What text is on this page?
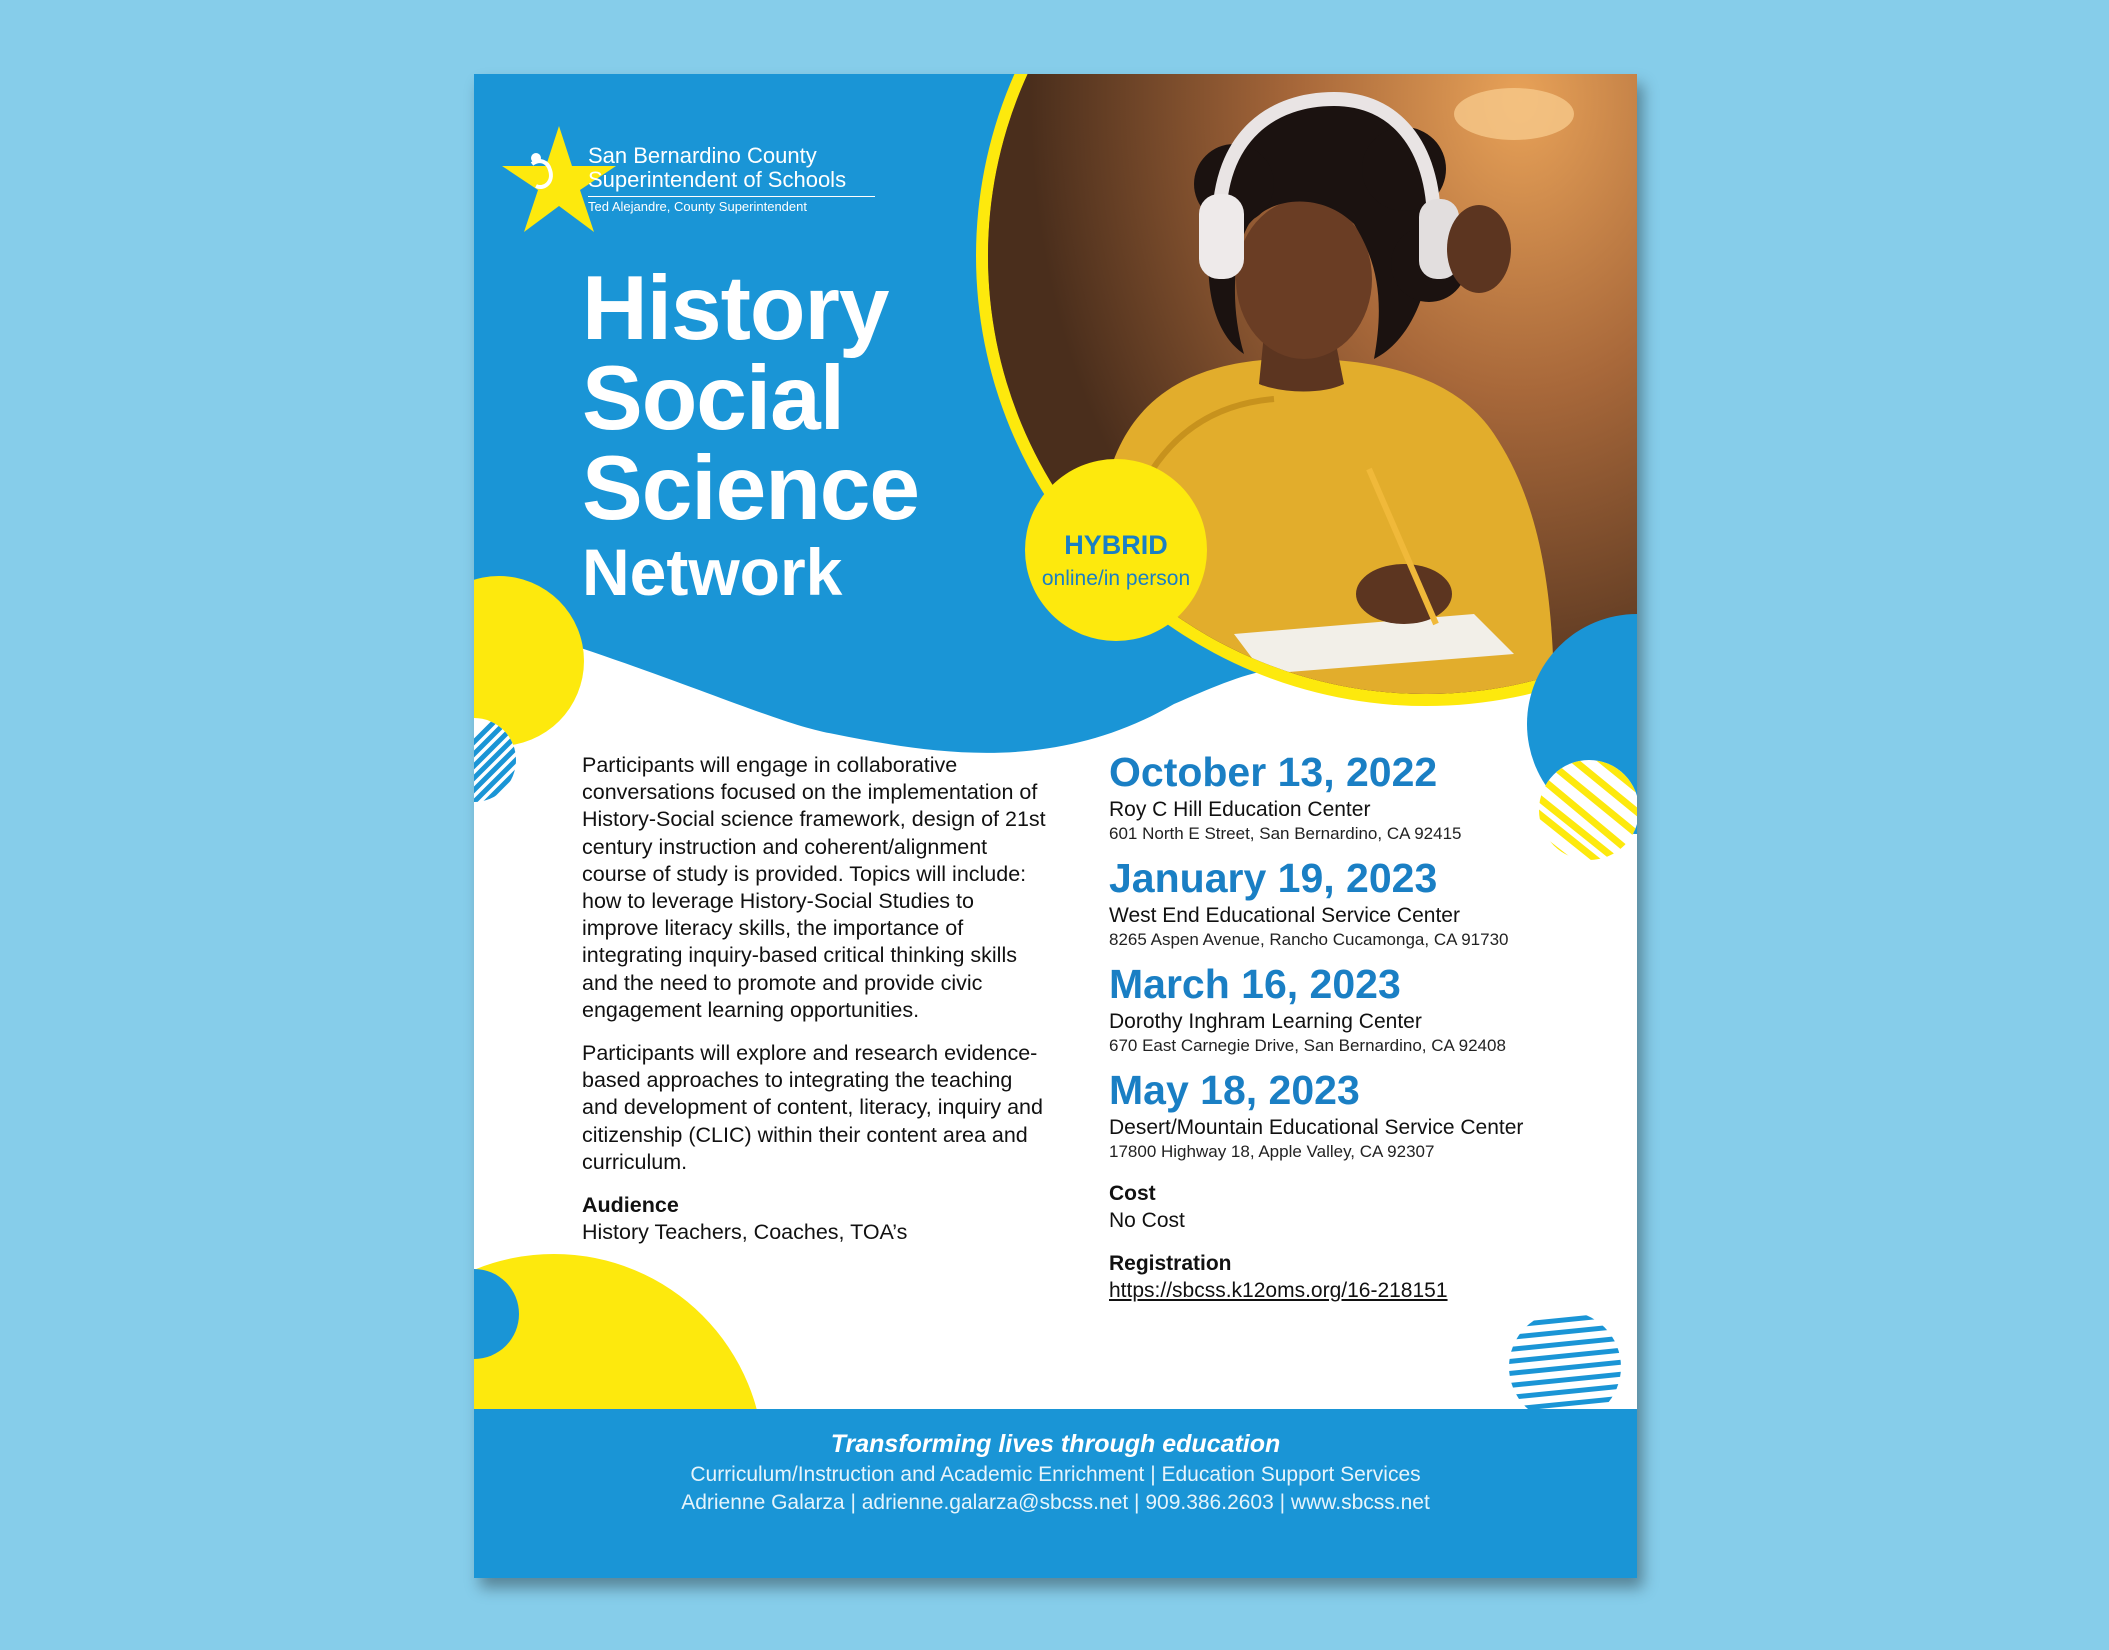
San Bernardino County
Superintendent of Schools
Ted Alejandre, County Superintendent
History
Social
Science
Network	HYBRID
online/in person

Participants will engage in collaborative conversations focused on the implementation of History-Social science framework, design of 21st century instruction and coherent/alignment course of study is provided. Topics will include: how to leverage History-Social Studies to improve literacy skills, the importance of integrating inquiry-based critical thinking skills and the need to promote and provide civic engagement learning opportunities.

Participants will explore and research evidence-based approaches to integrating the teaching and development of content, literacy, inquiry and citizenship (CLIC) within their content area and curriculum.

Audience
History Teachers, Coaches, TOA’s
October 13, 2022
Roy C Hill Education Center
601 North E Street, San Bernardino, CA 92415
January 19, 2023
West End Educational Service Center
8265 Aspen Avenue, Rancho Cucamonga, CA 91730
March 16, 2023
Dorothy Inghram Learning Center
670 East Carnegie Drive, San Bernardino, CA 92408
May 18, 2023
Desert/Mountain Educational Service Center
17800 Highway 18, Apple Valley, CA 92307
Cost
No Cost
Registration
https://sbcss.k12oms.org/16-218151
Transforming lives through education
Curriculum/Instruction and Academic Enrichment | Education Support Services
Adrienne Galarza | adrienne.galarza@sbcss.net | 909.386.2603 | www.sbcss.net
